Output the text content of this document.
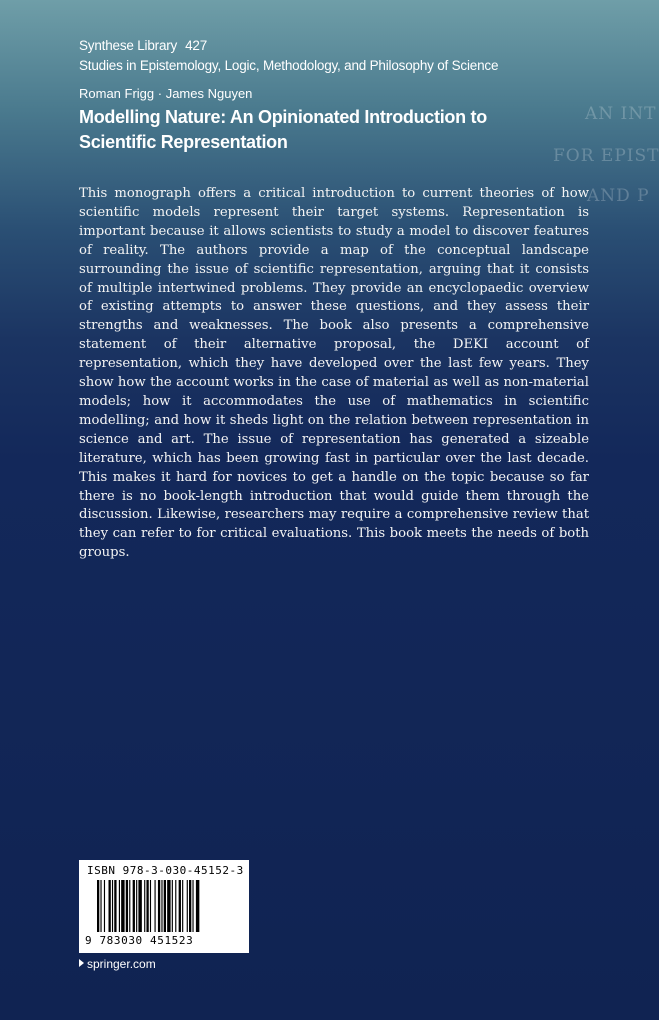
Synthese Library 427
Studies in Epistemology, Logic, Methodology, and Philosophy of Science
Roman Frigg · James Nguyen
Modelling Nature: An Opinionated Introduction to Scientific Representation
AN INT
FOR EPIST
AND P
This monograph offers a critical introduction to current theories of how scientific models represent their target systems. Representation is important because it allows scientists to study a model to discover features of reality. The authors provide a map of the conceptual landscape surrounding the issue of scientific representation, arguing that it consists of multiple intertwined problems. They provide an encyclopaedic overview of existing attempts to answer these questions, and they assess their strengths and weaknesses. The book also presents a comprehensive statement of their alternative proposal, the DEKI account of representation, which they have developed over the last few years. They show how the account works in the case of material as well as non-material models; how it accommodates the use of mathematics in scientific modelling; and how it sheds light on the relation between representation in science and art. The issue of representation has generated a sizeable literature, which has been growing fast in particular over the last decade. This makes it hard for novices to get a handle on the topic because so far there is no book-length introduction that would guide them through the discussion. Likewise, researchers may require a comprehensive review that they can refer to for critical evaluations. This book meets the needs of both groups.
ISBN 978-3-030-45152-3
9 783030 451523
springer.com
